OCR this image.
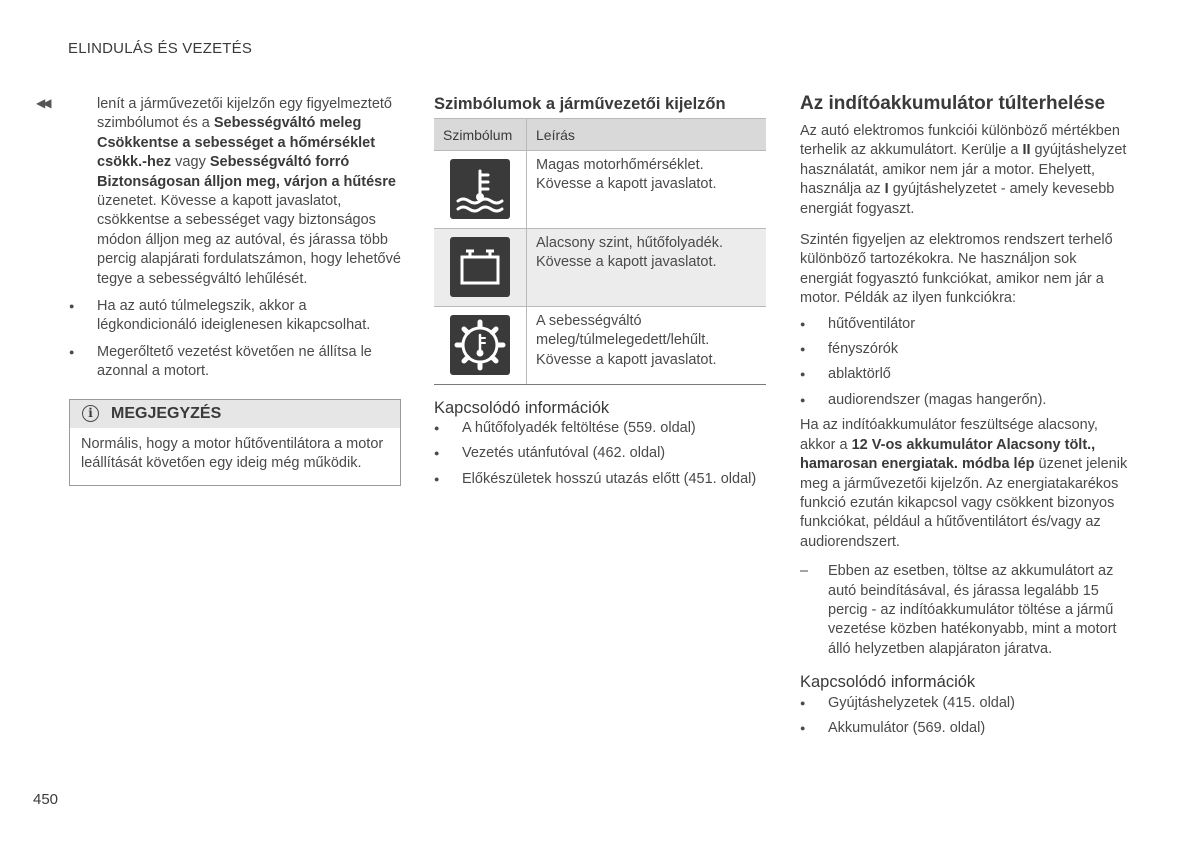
ELINDULÁS ÉS VEZETÉS
◀◀	lenít a járművezetői kijelzőn egy figyelmeztető szimbólumot és a Sebességváltó meleg Csökkentse a sebességet a hőmérséklet csökk.-hez vagy Sebességváltó forró Biztonságosan álljon meg, várjon a hűtésre üzenetet. Kövesse a kapott javaslatot, csökkentse a sebességet vagy biztonságos módon álljon meg az autóval, és járassa több percig alapjárati fordulatszámon, hogy lehetővé tegye a sebességváltó lehűlését.
● Ha az autó túlmelegszik, akkor a légkondicionáló ideiglenesen kikapcsolhat.
● Megerőltető vezetést követően ne állítsa le azonnal a motort.
i	MEGJEGYZÉS
Normális, hogy a motor hűtőventilátora a motor leállítását követően egy ideig még működik.
Szimbólumok a járművezetői kijelzőn
Szimbólum	Leírás

	Magas motorhőmérséklet. Kövesse a kapott javaslatot.

	Alacsony szint, hűtőfolyadék. Kövesse a kapott javaslatot.

	A sebességváltó meleg/túlmelegedett/lehűlt. Kövesse a kapott javaslatot.
Kapcsolódó információk
● A hűtőfolyadék feltöltése (559. oldal)
● Vezetés utánfutóval (462. oldal)
● Előkészületek hosszú utazás előtt (451. oldal)
Az indítóakkumulátor túlterhelése

Az autó elektromos funkciói különböző mértékben terhelik az akkumulátort. Kerülje a II gyújtáshelyzet használatát, amikor nem jár a motor. Ehelyett, használja az I gyújtáshelyzetet - amely kevesebb energiát fogyaszt.

Szintén figyeljen az elektromos rendszert terhelő különböző tartozékokra. Ne használjon sok energiát fogyasztó funkciókat, amikor nem jár a motor. Példák az ilyen funkciókra:

● hűtőventilátor
● fényszórók
● ablaktörlő
● audiorendszer (magas hangerőn).

Ha az indítóakkumulátor feszültsége alacsony, akkor a 12 V-os akkumulátor Alacsony tölt., hamarosan energiatak. módba lép üzenet jelenik meg a járművezetői kijelzőn. Az energiatakarékos funkció ezután kikapcsol vagy csökkent bizonyos funkciókat, például a hűtőventilátort és/vagy az audiorendszert.

– Ebben az esetben, töltse az akkumulátort az autó beindításával, és járassa legalább 15 percig - az indítóakkumulátor töltése a jármű vezetése közben hatékonyabb, mint a motort álló helyzetben alapjáraton járatva.
Kapcsolódó információk
● Gyújtáshelyzetek (415. oldal)
● Akkumulátor (569. oldal)
450
